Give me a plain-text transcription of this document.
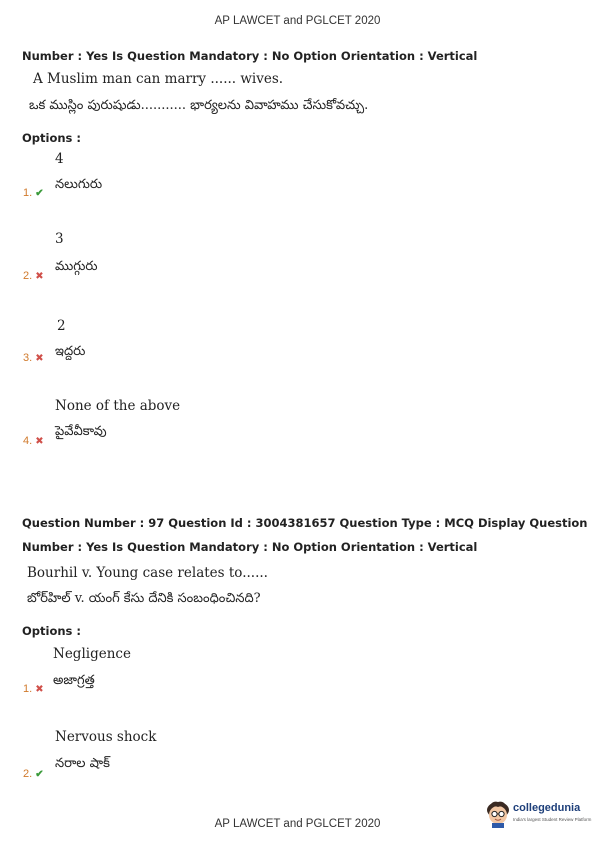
AP LAWCET and PGLCET 2020
Number : Yes Is Question Mandatory : No Option Orientation : Vertical
A Muslim man can marry ...... wives.
ఒక ముస్లిం పురుషుడు........... భార్యలను వివాహము చేసుకోవచ్చు.
Options :
4
నలుగురు
1. ✔
3
ముగ్గురు
2. ✖
2
ఇద్దరు
3. ✖
None of the above
పైవేవీకావు
4. ✖
Question Number : 97 Question Id : 3004381657 Question Type : MCQ Display Question
Number : Yes Is Question Mandatory : No Option Orientation : Vertical
Bourhil v. Young case relates to......
బోర్‌హిల్ v. యంగ్ కేసు దేనికి సంబంధించినది?
Options :
Negligence
అజాగ్రత్త
1. ✖
Nervous shock
నరాల షాక్
2. ✔
collegedunia
India's largest Student Review Platform
AP LAWCET and PGLCET 2020
